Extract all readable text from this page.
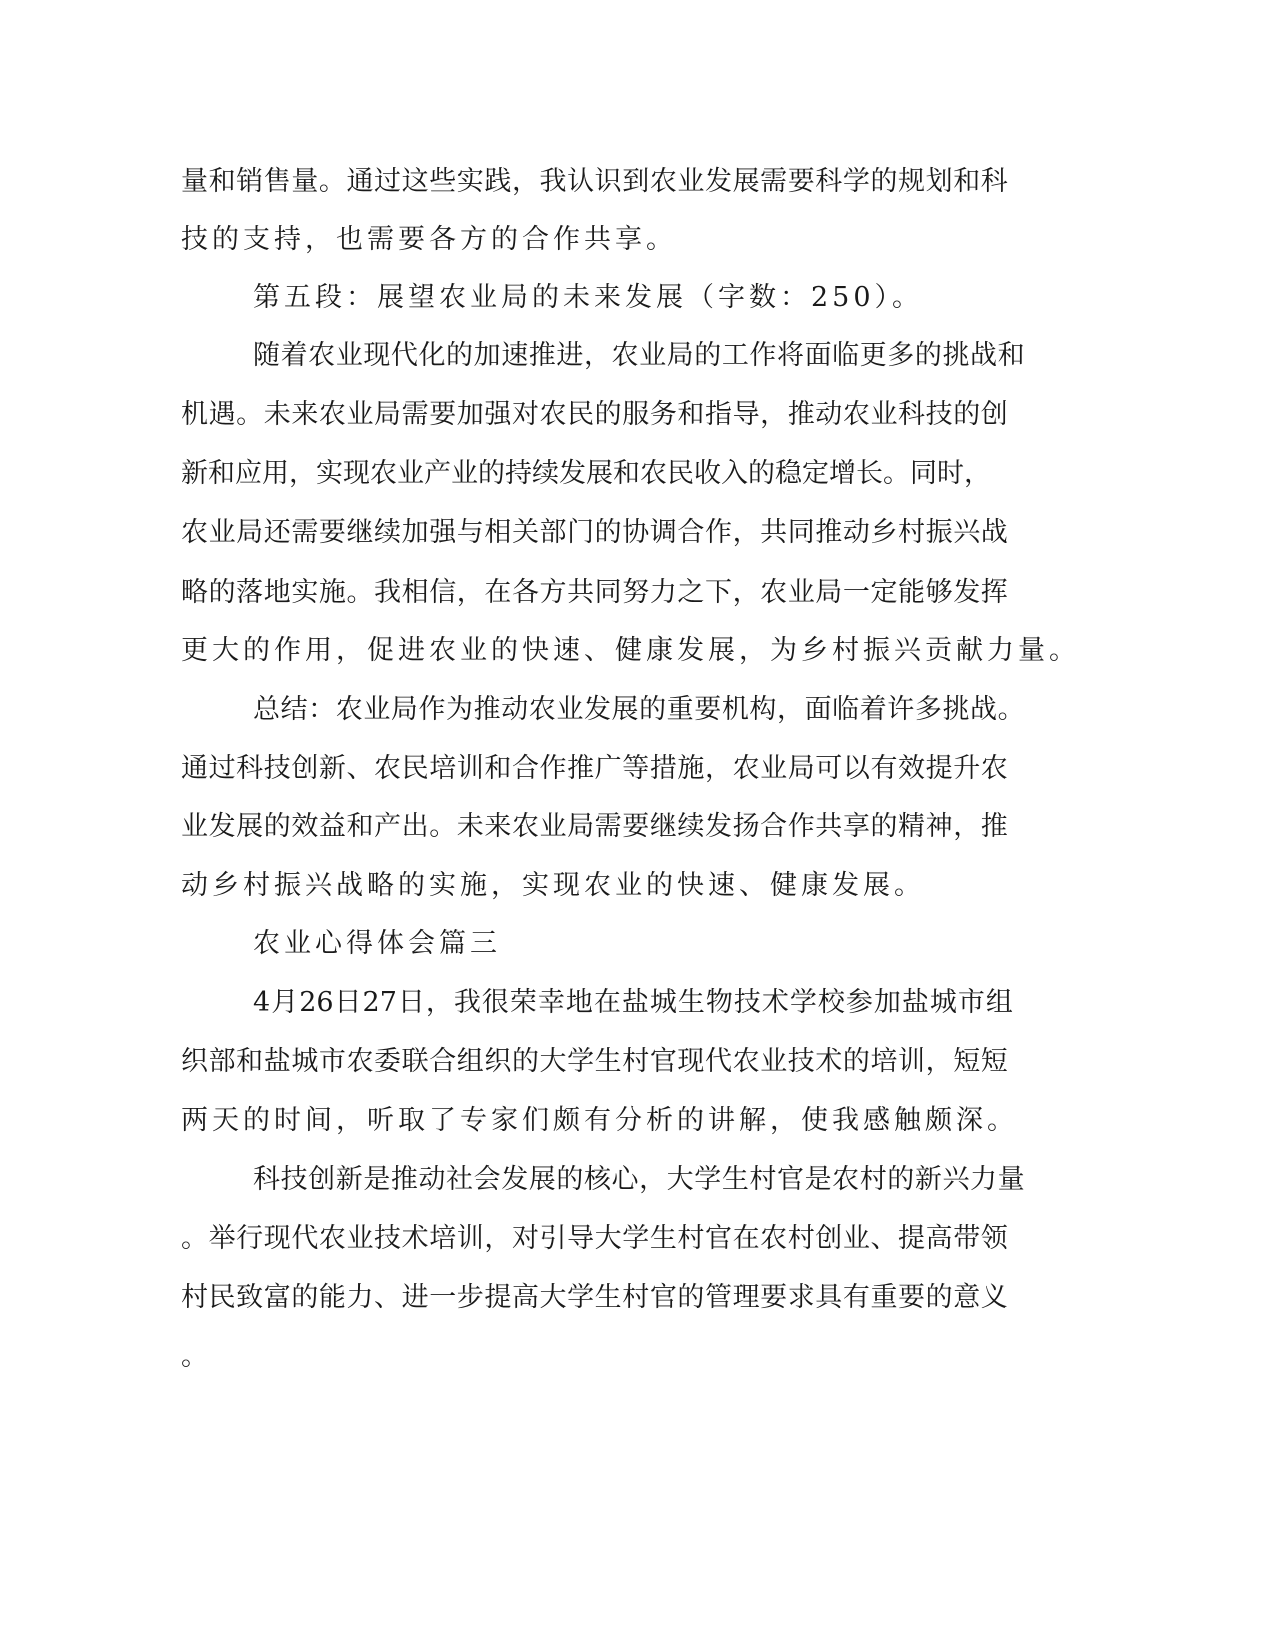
量 和 销 售 量 。 通 过 这 些 实 践 ， 我 认 识 到 农 业 发 展 需 要 科 学 的 规 划 和 科
技的支持，也需要各方的合作共享。
第五段：展望农业局的未来发展（字数：250）。
随 着 农 业 现 代 化 的 加 速 推 进 ， 农 业 局 的 工 作 将 面 临 更 多 的 挑 战 和
机 遇 。 未 来 农 业 局 需 要 加 强 对 农 民 的 服 务 和 指 导 ， 推 动 农 业 科 技 的 创
新 和 应 用 ， 实 现 农 业 产 业 的 持 续 发 展 和 农 民 收 入 的 稳 定 增 长 。 同 时 ，
农 业 局 还 需 要 继 续 加 强 与 相 关 部 门 的 协 调 合 作 ， 共 同 推 动 乡 村 振 兴 战
略 的 落 地 实 施 。 我 相 信 ， 在 各 方 共 同 努 力 之 下 ， 农 业 局 一 定 能 够 发 挥
更大的作用，促进农业的快速、健康发展，为乡村振兴贡献力量。
总 结 ： 农 业 局 作 为 推 动 农 业 发 展 的 重 要 机 构 ， 面 临 着 许 多 挑 战 。
通 过 科 技 创 新 、 农 民 培 训 和 合 作 推 广 等 措 施 ， 农 业 局 可 以 有 效 提 升 农
业 发 展 的 效 益 和 产 出 。 未 来 农 业 局 需 要 继 续 发 扬 合 作 共 享 的 精 神 ， 推
动乡村振兴战略的实施，实现农业的快速、健康发展。
农业心得体会篇三
4 月 26 日 27 日 ， 我 很 荣 幸 地 在 盐 城 生 物 技 术 学 校 参 加 盐 城 市 组
织 部 和 盐 城 市 农 委 联 合 组 织 的 大 学 生 村 官 现 代 农 业 技 术 的 培 训 ， 短 短
两天的时间，听取了专家们颇有分析的讲解，使我感触颇深。
科 技 创 新 是 推 动 社 会 发 展 的 核 心 ， 大 学 生 村 官 是 农 村 的 新 兴 力 量
。 举 行 现 代 农 业 技 术 培 训 ， 对 引 导 大 学 生 村 官 在 农 村 创 业 、 提 高 带 领
村 民 致 富 的 能 力 、 进 一 步 提 高 大 学 生 村 官 的 管 理 要 求 具 有 重 要 的 意 义
。
